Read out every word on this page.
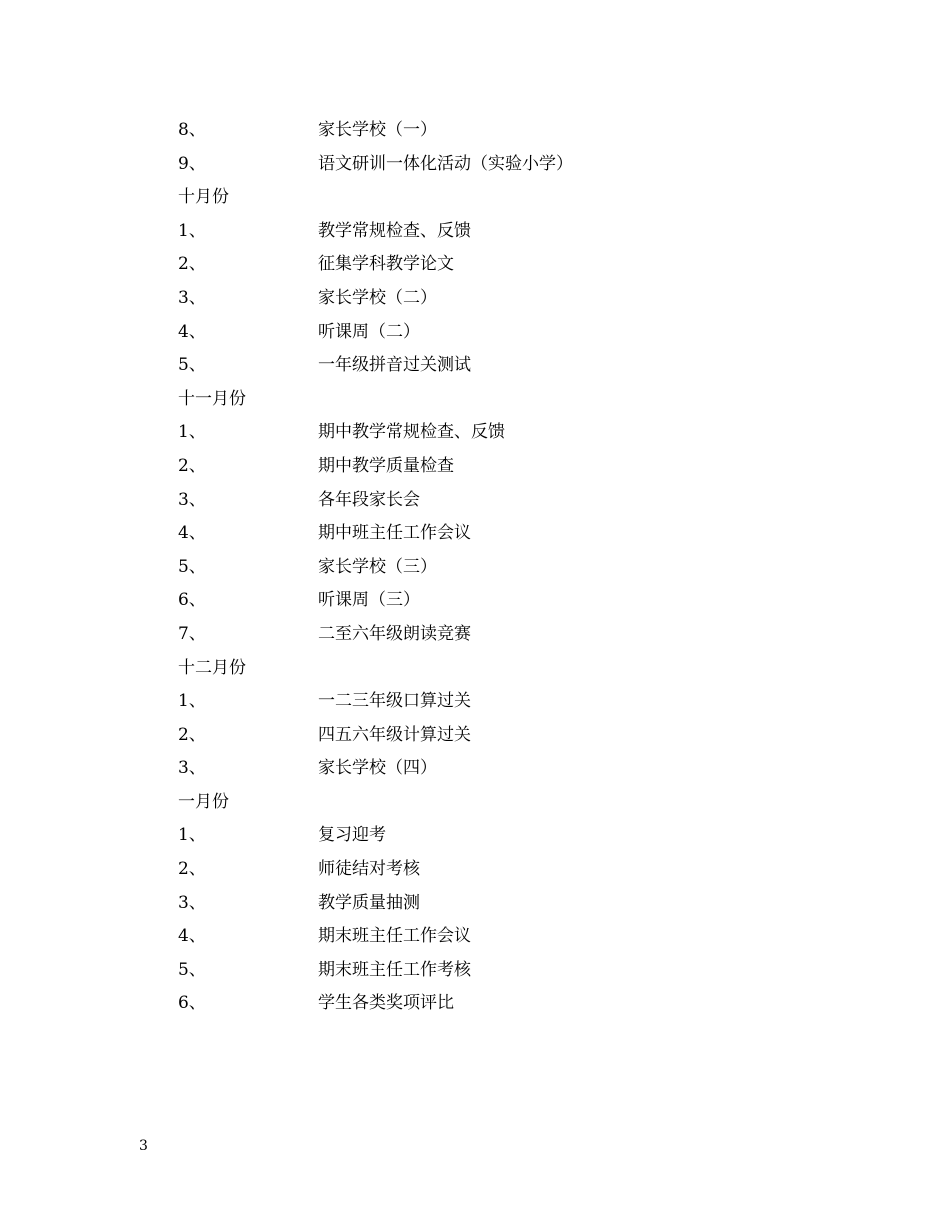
8、	家长学校（一）
9、	语文研训一体化活动（实验小学）
十月份
1、	教学常规检查、反馈
2、	征集学科教学论文
3、	家长学校（二）
4、	听课周（二）
5、	一年级拼音过关测试
十一月份
1、	期中教学常规检查、反馈
2、	期中教学质量检查
3、	各年段家长会
4、	期中班主任工作会议
5、	家长学校（三）
6、	听课周（三）
7、	二至六年级朗读竞赛
十二月份
1、	一二三年级口算过关
2、	四五六年级计算过关
3、	家长学校（四）
一月份
1、	复习迎考
2、	师徒结对考核
3、	教学质量抽测
4、	期末班主任工作会议
5、	期末班主任工作考核
6、	学生各类奖项评比
3
